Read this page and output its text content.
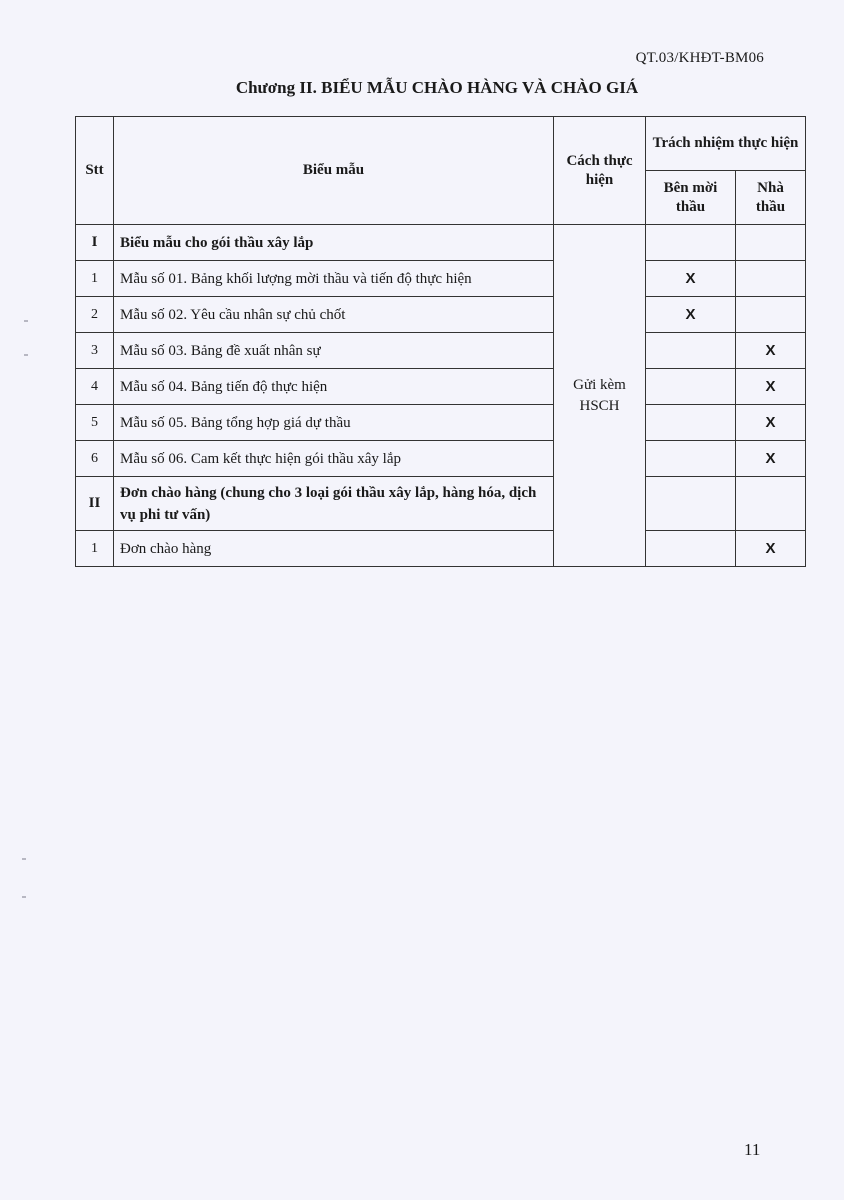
QT.03/KHĐT-BM06
Chương II. BIỂU MẪU CHÀO HÀNG VÀ CHÀO GIÁ
Stt	Biểu mẫu	Cách thực hiện	Trách nhiệm thực hiện	
			Bên mời thầu	Nhà thầu
I	Biểu mẫu cho gói thầu xây lắp	Gửi kèm HSCH		
1	Mẫu số 01. Bảng khối lượng mời thầu và tiến độ thực hiện		X	
2	Mẫu số 02. Yêu cầu nhân sự chủ chốt		X	
3	Mẫu số 03. Bảng đề xuất nhân sự			X
4	Mẫu số 04. Bảng tiến độ thực hiện			X
5	Mẫu số 05. Bảng tổng hợp giá dự thầu			X
6	Mẫu số 06. Cam kết thực hiện gói thầu xây lắp			X
II	Đơn chào hàng (chung cho 3 loại gói thầu xây lắp, hàng hóa, dịch vụ phi tư vấn)			
1	Đơn chào hàng			X
11
